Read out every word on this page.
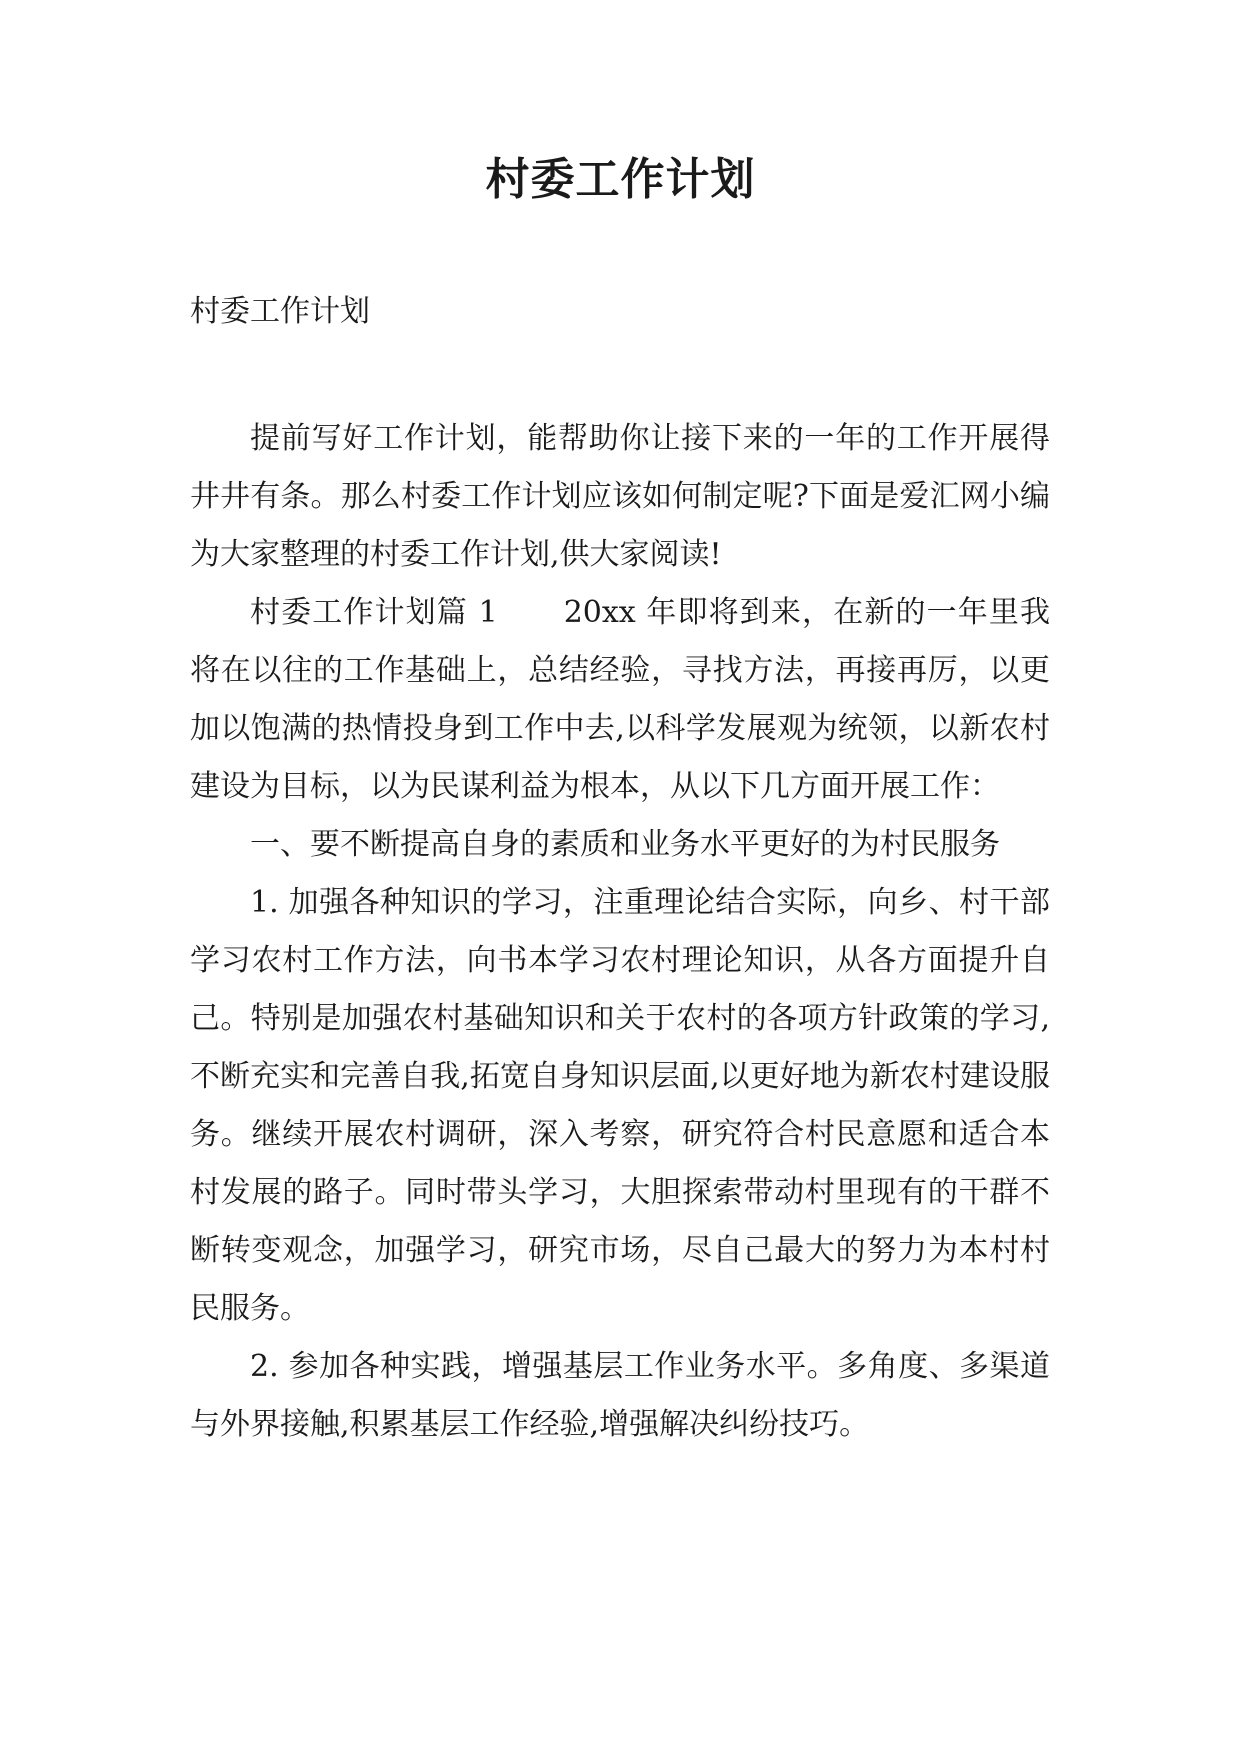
村委工作计划
村委工作计划

提前写好工作计划，能帮助你让接下来的一年的工作开展得井井有条。那么村委工作计划应该如何制定呢?下面是爱汇网小编为大家整理的村委工作计划,供大家阅读!

村委工作计划篇 1 20xx 年即将到来，在新的一年里我将在以往的工作基础上，总结经验，寻找方法，再接再厉，以更加以饱满的热情投身到工作中去,以科学发展观为统领，以新农村建设为目标，以为民谋利益为根本，从以下几方面开展工作：

一、要不断提高自身的素质和业务水平更好的为村民服务

1. 加强各种知识的学习，注重理论结合实际，向乡、村干部学习农村工作方法，向书本学习农村理论知识，从各方面提升自己。特别是加强农村基础知识和关于农村的各项方针政策的学习,不断充实和完善自我,拓宽自身知识层面,以更好地为新农村建设服务。继续开展农村调研，深入考察，研究符合村民意愿和适合本村发展的路子。同时带头学习，大胆探索带动村里现有的干群不断转变观念，加强学习，研究市场，尽自己最大的努力为本村村民服务。

2. 参加各种实践，增强基层工作业务水平。多角度、多渠道与外界接触,积累基层工作经验,增强解决纠纷技巧。
